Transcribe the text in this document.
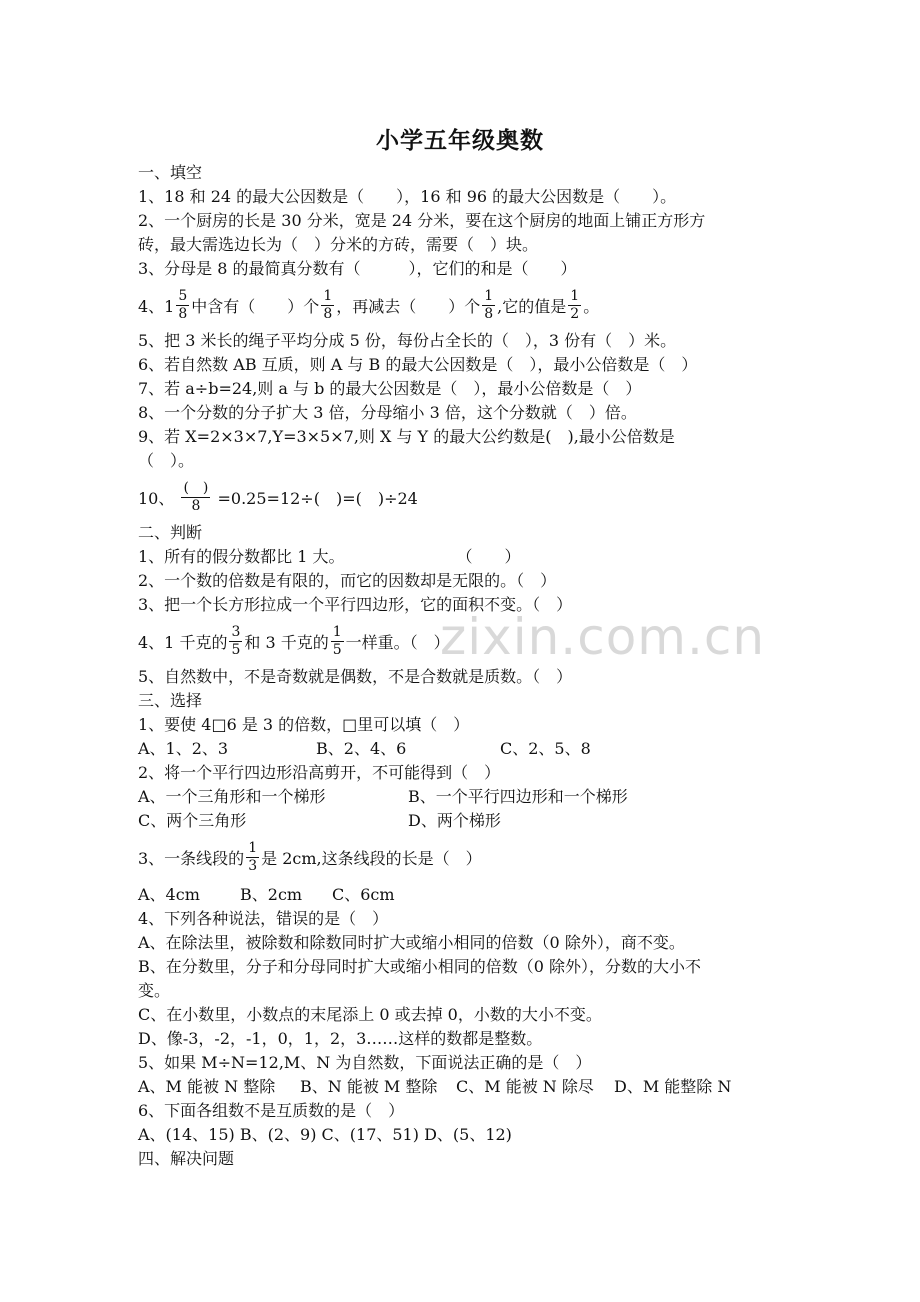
zixin.com.cn
小学五年级奥数
一、填空
1、18 和 24 的最大公因数是（　　），16 和 96 的最大公因数是（　　）。
2、一个厨房的长是 30 分米，宽是 24 分米，要在这个厨房的地面上铺正方形方
砖，最大需选边长为（　）分米的方砖，需要（　）块。
3、分母是 8 的最简真分数有（　　　），它们的和是（　　）
4、$1 \frac{5}{8}$ 中含有（　　）个 $\frac{1}{8}$ ，再减去（　　）个 $\frac{1}{8}$ ,它的值是 $\frac{1}{2}$ 。
5、把 3 米长的绳子平均分成 5 份，每份占全长的（　），3 份有（　）米。
6、若自然数 AB 互质，则 A 与 B 的最大公因数是（　），最小公倍数是（　）
7、若 a÷b=24,则 a 与 b 的最大公因数是（　），最小公倍数是（　）
8、一个分数的分子扩大 3 倍，分母缩小 3 倍，这个分数就（　）倍。
9、若 X=2×3×7,Y=3×5×7,则 X 与 Y 的最大公约数是(　),最小公倍数是
（　）。
10、 $\frac{( )}{8} =0.25=12\div$(　)=(　)÷24
二、判断
1、所有的假分数都比 1 大。　　　　　　　　（　　）
2、一个数的倍数是有限的，而它的因数却是无限的。（　）
3、把一个长方形拉成一个平行四边形，它的面积不变。（　）
4、1 千克的 $\frac{3}{5}$ 和 3 千克的 $\frac{1}{5}$ 一样重。（　）
5、自然数中，不是奇数就是偶数，不是合数就是质数。（　）
三、选择
1、要使 4□6 是 3 的倍数，□里可以填（　）
A、1、2、3	B、2、4、6	C、2、5、8
2、将一个平行四边形沿高剪开，不可能得到（　）
A、一个三角形和一个梯形	B、一个平行四边形和一个梯形
C、两个三角形	D、两个梯形
3、一条线段的 $\frac{1}{3}$ 是 2cm,这条线段的长是（　）
A、4cm	B、2cm C、6cm
4、下列各种说法，错误的是（　）
A、在除法里，被除数和除数同时扩大或缩小相同的倍数（0 除外），商不变。
B、在分数里，分子和分母同时扩大或缩小相同的倍数（0 除外），分数的大小不
变。
C、在小数里，小数点的末尾添上 0 或去掉 0，小数的大小不变。
D、像-3，-2，-1，0，1，2，3……这样的数都是整数。
5、如果 M÷N=12,M、N 为自然数，下面说法正确的是（　）
A、M 能被 N 整除 B、N 能被 M 整除 C、M 能被 N 除尽 D、M 能整除 N
6、下面各组数不是互质数的是（　）
A、(14、15) B、(2、9) C、(17、51) D、(5、12)
四、解决问题
